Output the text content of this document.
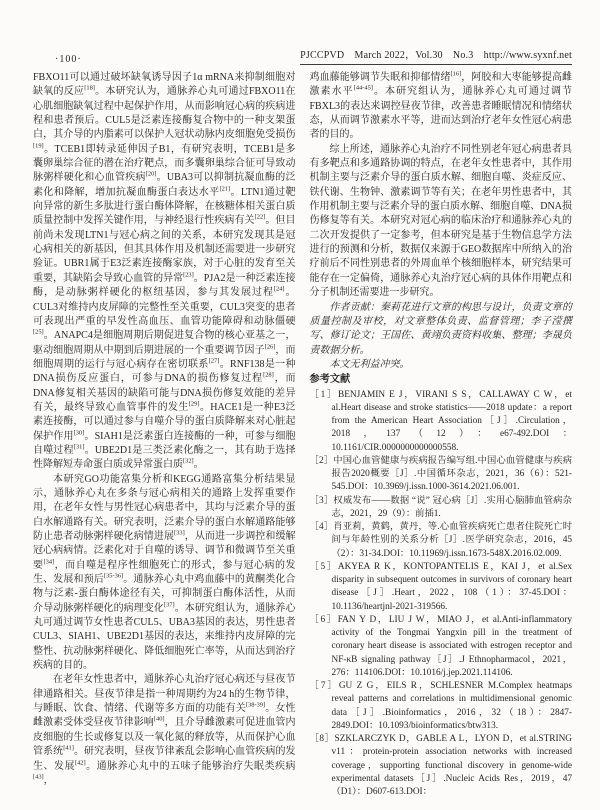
·100·	PJCCPVD　March 2022，Vol.30　No.3　http://www.syxnf.net

FBXO11可以通过破坏缺氧诱导因子1α mRNA来抑制细胞对缺氧的反应[18]。本研究认为，通脉养心丸可通过FBXO11在心肌细胞缺氧过程中起保护作用，从而影响冠心病的疾病进程和患者预后。CUL5是泛素连接酶复合物中的一种支架蛋白，其介导的内脂素可以保护人冠状动脉内皮细胞免受损伤[19]。TCEB1即转录延伸因子B1，有研究表明，TCEB1是多囊卵巢综合征的潜在治疗靶点，而多囊卵巢综合征可导致动脉粥样硬化和心血管疾病[20]。UBA3可以抑制抗凝血酶的泛素化和降解，增加抗凝血酶蛋白表达水平[21]。LTN1通过靶向异常的新生多肽进行蛋白酶体降解，在核糖体相关蛋白质质量控制中发挥关键作用，与神经退行性疾病有关[22]。但目前尚未发现LTN1与冠心病之间的关系，本研究发现其是冠心病相关的新基因，但其具体作用及机制还需要进一步研究验证。UBR1属于E3泛素连接酶家族，对于心脏的发育至关重要，其缺陷会导致心血管的异常[23]。PJA2是一种泛素连接酶，是动脉粥样硬化的枢纽基因，参与其发展过程[24]。CUL3对维持内皮屏障的完整性至关重要，CUL3突变的患者可表现出严重的早发性高血压、血管功能障碍和动脉僵硬[25]。ANAPC4是细胞周期后期促进复合物的核心亚基之一，驱动细胞周期从中期到后期进展的一个重要调节因子[26]，而细胞周期的运行与冠心病存在密切联系[27]。RNF138是一种DNA损伤反应蛋白，可参与DNA的损伤修复过程[28]，而DNA修复相关基因的缺陷可能与DNA损伤修复效能的差异有关，最终导致心血管事件的发生[29]。HACE1是一种E3泛素连接酶，可以通过参与自噬介导的蛋白质降解来对心脏起保护作用[30]。SIAH1是泛素蛋白连接酶的一种，可参与细胞自噬过程[31]。UBE2D1是三类泛素化酶之一，其有助于选择性降解短寿命蛋白质或异常蛋白质[32]。

本研究GO功能富集分析和KEGG通路富集分析结果显示，通脉养心丸在多条与冠心病相关的通路上发挥重要作用，在老年女性与男性冠心病患者中，其均与泛素介导的蛋白水解通路有关。研究表明，泛素介导的蛋白水解通路能够防止患者动脉粥样硬化病情进展[33]，从而进一步调控和缓解冠心病病情。泛素化对于自噬的诱导、调节和微调节至关重要[34]，而自噬是程序性细胞死亡的形式，参与冠心病的发生、发展和预后[35-36]。通脉养心丸中鸡血藤中的黄酮类化合物与泛素-蛋白酶体途径有关，可抑制蛋白酶体活性，从而介导动脉粥样硬化的病理变化[37]。本研究组认为，通脉养心丸可通过调节女性患者CUL5、UBA3基因的表达，男性患者CUL3、SIAH1、UBE2D1基因的表达，来维持内皮屏障的完整性、抗动脉粥样硬化、降低细胞死亡率等，从而达到治疗疾病的目的。

在老年女性患者中，通脉养心丸治疗冠心病还与昼夜节律通路相关。昼夜节律是指一种周期约为24 h的生物节律，与睡眠、饮食、情绪、代谢等多方面的功能有关[38-39]。女性雌激素受体受昼夜节律影响[40]，且介导雌激素可促进血管内皮细胞的生长或修复以及一氧化氮的释放等，从而保护心血管系统[41]。研究表明，昼夜节律紊乱会影响心血管疾病的发生、发展[42]。通脉养心丸中的五味子能够治疗失眠类疾病[43]，

鸡血藤能够调节失眠和抑郁情绪[16]，阿胶和大枣能够提高雌激素水平[44-45]。本研究组认为，通脉养心丸可通过调节FBXL3的表达来调控昼夜节律，改善患者睡眠情况和情绪状态，从而调节激素水平等，进而达到治疗老年女性冠心病患者的目的。

综上所述，通脉养心丸治疗不同性别老年冠心病患者具有多靶点和多通路协调的特点，在老年女性患者中，其作用机制主要与泛素介导的蛋白质水解、细胞自噬、炎症反应、铁代谢、生物钟、激素调节等有关；在老年男性患者中，其作用机制主要与泛素介导的蛋白质水解、细胞自噬、DNA损伤修复等有关。本研究对冠心病的临床治疗和通脉养心丸的二次开发提供了一定参考，但本研究是基于生物信息学方法进行的预测和分析，数据仅来源于GEO数据库中所纳入的治疗前后不同性别患者的外周血单个核细胞样本，研究结果可能存在一定偏倚，通脉养心丸治疗冠心病的具体作用靶点和分子机制还需要进一步研究。

作者贡献：秦莉花进行文章的构思与设计，负责文章的质量控制及审校，对文章整体负责、监督管理；李子滢撰写、修订论文；王国佐、黄翊负责资料收集、整理；李晟负责数据分析。

本文无利益冲突。

参考文献

［1］BENJAMIN E J，VIRANI S S，CALLAWAY C W，et al.Heart disease and stroke statistics——2018 update：a report from the American Heart Association［J］.Circulation，2018，137（12）：e67-492.DOI：10.1161/CIR.0000000000000558.

［2］中国心血管健康与疾病报告编写组.中国心血管健康与疾病报告2020概要［J］.中国循环杂志，2021，36（6）：521-545.DOI：10.3969/j.issn.1000-3614.2021.06.001.

［3］权威发布——数据 “说” 冠心病［J］.实用心脑肺血管病杂志，2021，29（9）：前插1.

［4］肖亚莉，黄鹤，黄丹，等.心血管疾病死亡患者住院死亡时间与年龄性别的关系分析［J］.医学研究杂志，2016，45（2）：31-34.DOI：10.11969/j.issn.1673-548X.2016.02.009.

［5］AKYEA R K，KONTOPANTELIS E，KAI J，et al.Sex disparity in subsequent outcomes in survivors of coronary heart disease［J］.Heart，2022，108（1）：37-45.DOI：10.1136/heartjnl-2021-319566.

［6］FAN Y D，LIU J W，MIAO J，et al.Anti-inflammatory activity of the Tongmai Yangxin pill in the treatment of coronary heart disease is associated with estrogen receptor and NF-κB signaling pathway［J］.J Ethnopharmacol，2021，276：114106.DOI：10.1016/j.jep.2021.114106.

［7］GU Z G，EILS R，SCHLESNER M.Complex heatmaps reveal patterns and correlations in multidimensional genomic data［J］.Bioinformatics，2016，32（18）：2847-2849.DOI：10.1093/bioinformatics/btw313.

［8］SZKLARCZYK D，GABLE A L，LYON D，et al.STRING v11：protein-protein association networks with increased coverage，supporting functional discovery in genome-wide experimental datasets［J］.Nucleic Acids Res，2019，47（D1）：D607-613.DOI：
